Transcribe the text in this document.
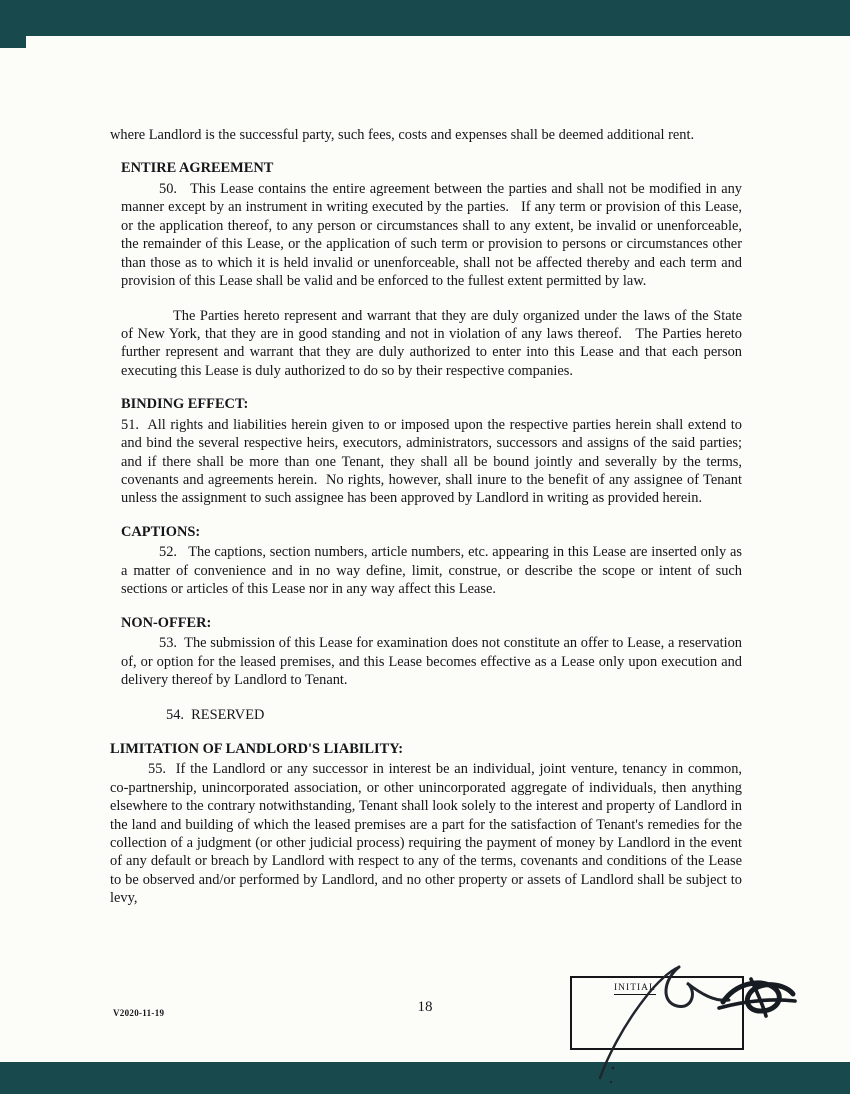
where Landlord is the successful party, such fees, costs and expenses shall be deemed additional rent.

ENTIRE AGREEMENT

50.   This Lease contains the entire agreement between the parties and shall not be modified in any manner except by an instrument in writing executed by the parties.   If any term or provision of this Lease, or the application thereof, to any person or circumstances shall to any extent, be invalid or unenforceable, the remainder of this Lease, or the application of such term or provision to persons or circumstances other than those as to which it is held invalid or unenforceable, shall not be affected thereby and each term and provision of this Lease shall be valid and be enforced to the fullest extent permitted by law.

The Parties hereto represent and warrant that they are duly organized under the laws of the State of New York, that they are in good standing and not in violation of any laws thereof.   The Parties hereto further represent and warrant that they are duly authorized to enter into this Lease and that each person executing this Lease is duly authorized to do so by their respective companies.

BINDING EFFECT:

51.  All rights and liabilities herein given to or imposed upon the respective parties herein shall extend to and bind the several respective heirs, executors, administrators, successors and assigns of the said parties; and if there shall be more than one Tenant, they shall all be bound jointly and severally by the terms, covenants and agreements herein.  No rights, however, shall inure to the benefit of any assignee of Tenant unless the assignment to such assignee has been approved by Landlord in writing as provided herein.

CAPTIONS:

52.   The captions, section numbers, article numbers, etc. appearing in this Lease are inserted only as a matter of convenience and in no way define, limit, construe, or describe the scope or intent of such sections or articles of this Lease nor in any way affect this Lease.

NON-OFFER:

53.  The submission of this Lease for examination does not constitute an offer to Lease, a reservation of, or option for the leased premises, and this Lease becomes effective as a Lease only upon execution and delivery thereof by Landlord to Tenant.

54.  RESERVED

LIMITATION OF LANDLORD'S LIABILITY:

55.  If the Landlord or any successor in interest be an individual, joint venture, tenancy in common, co-partnership, unincorporated association, or other unincorporated aggregate of individuals, then anything elsewhere to the contrary notwithstanding, Tenant shall look solely to the interest and property of Landlord in the land and building of which the leased premises are a part for the satisfaction of Tenant's remedies for the collection of a judgment (or other judicial process) requiring the payment of money by Landlord in the event of any default or breach by Landlord with respect to any of the terms, covenants and conditions of the Lease to be observed and/or performed by Landlord, and no other property or assets of Landlord shall be subject to levy,

V2020-11-19	18
INITIAL
